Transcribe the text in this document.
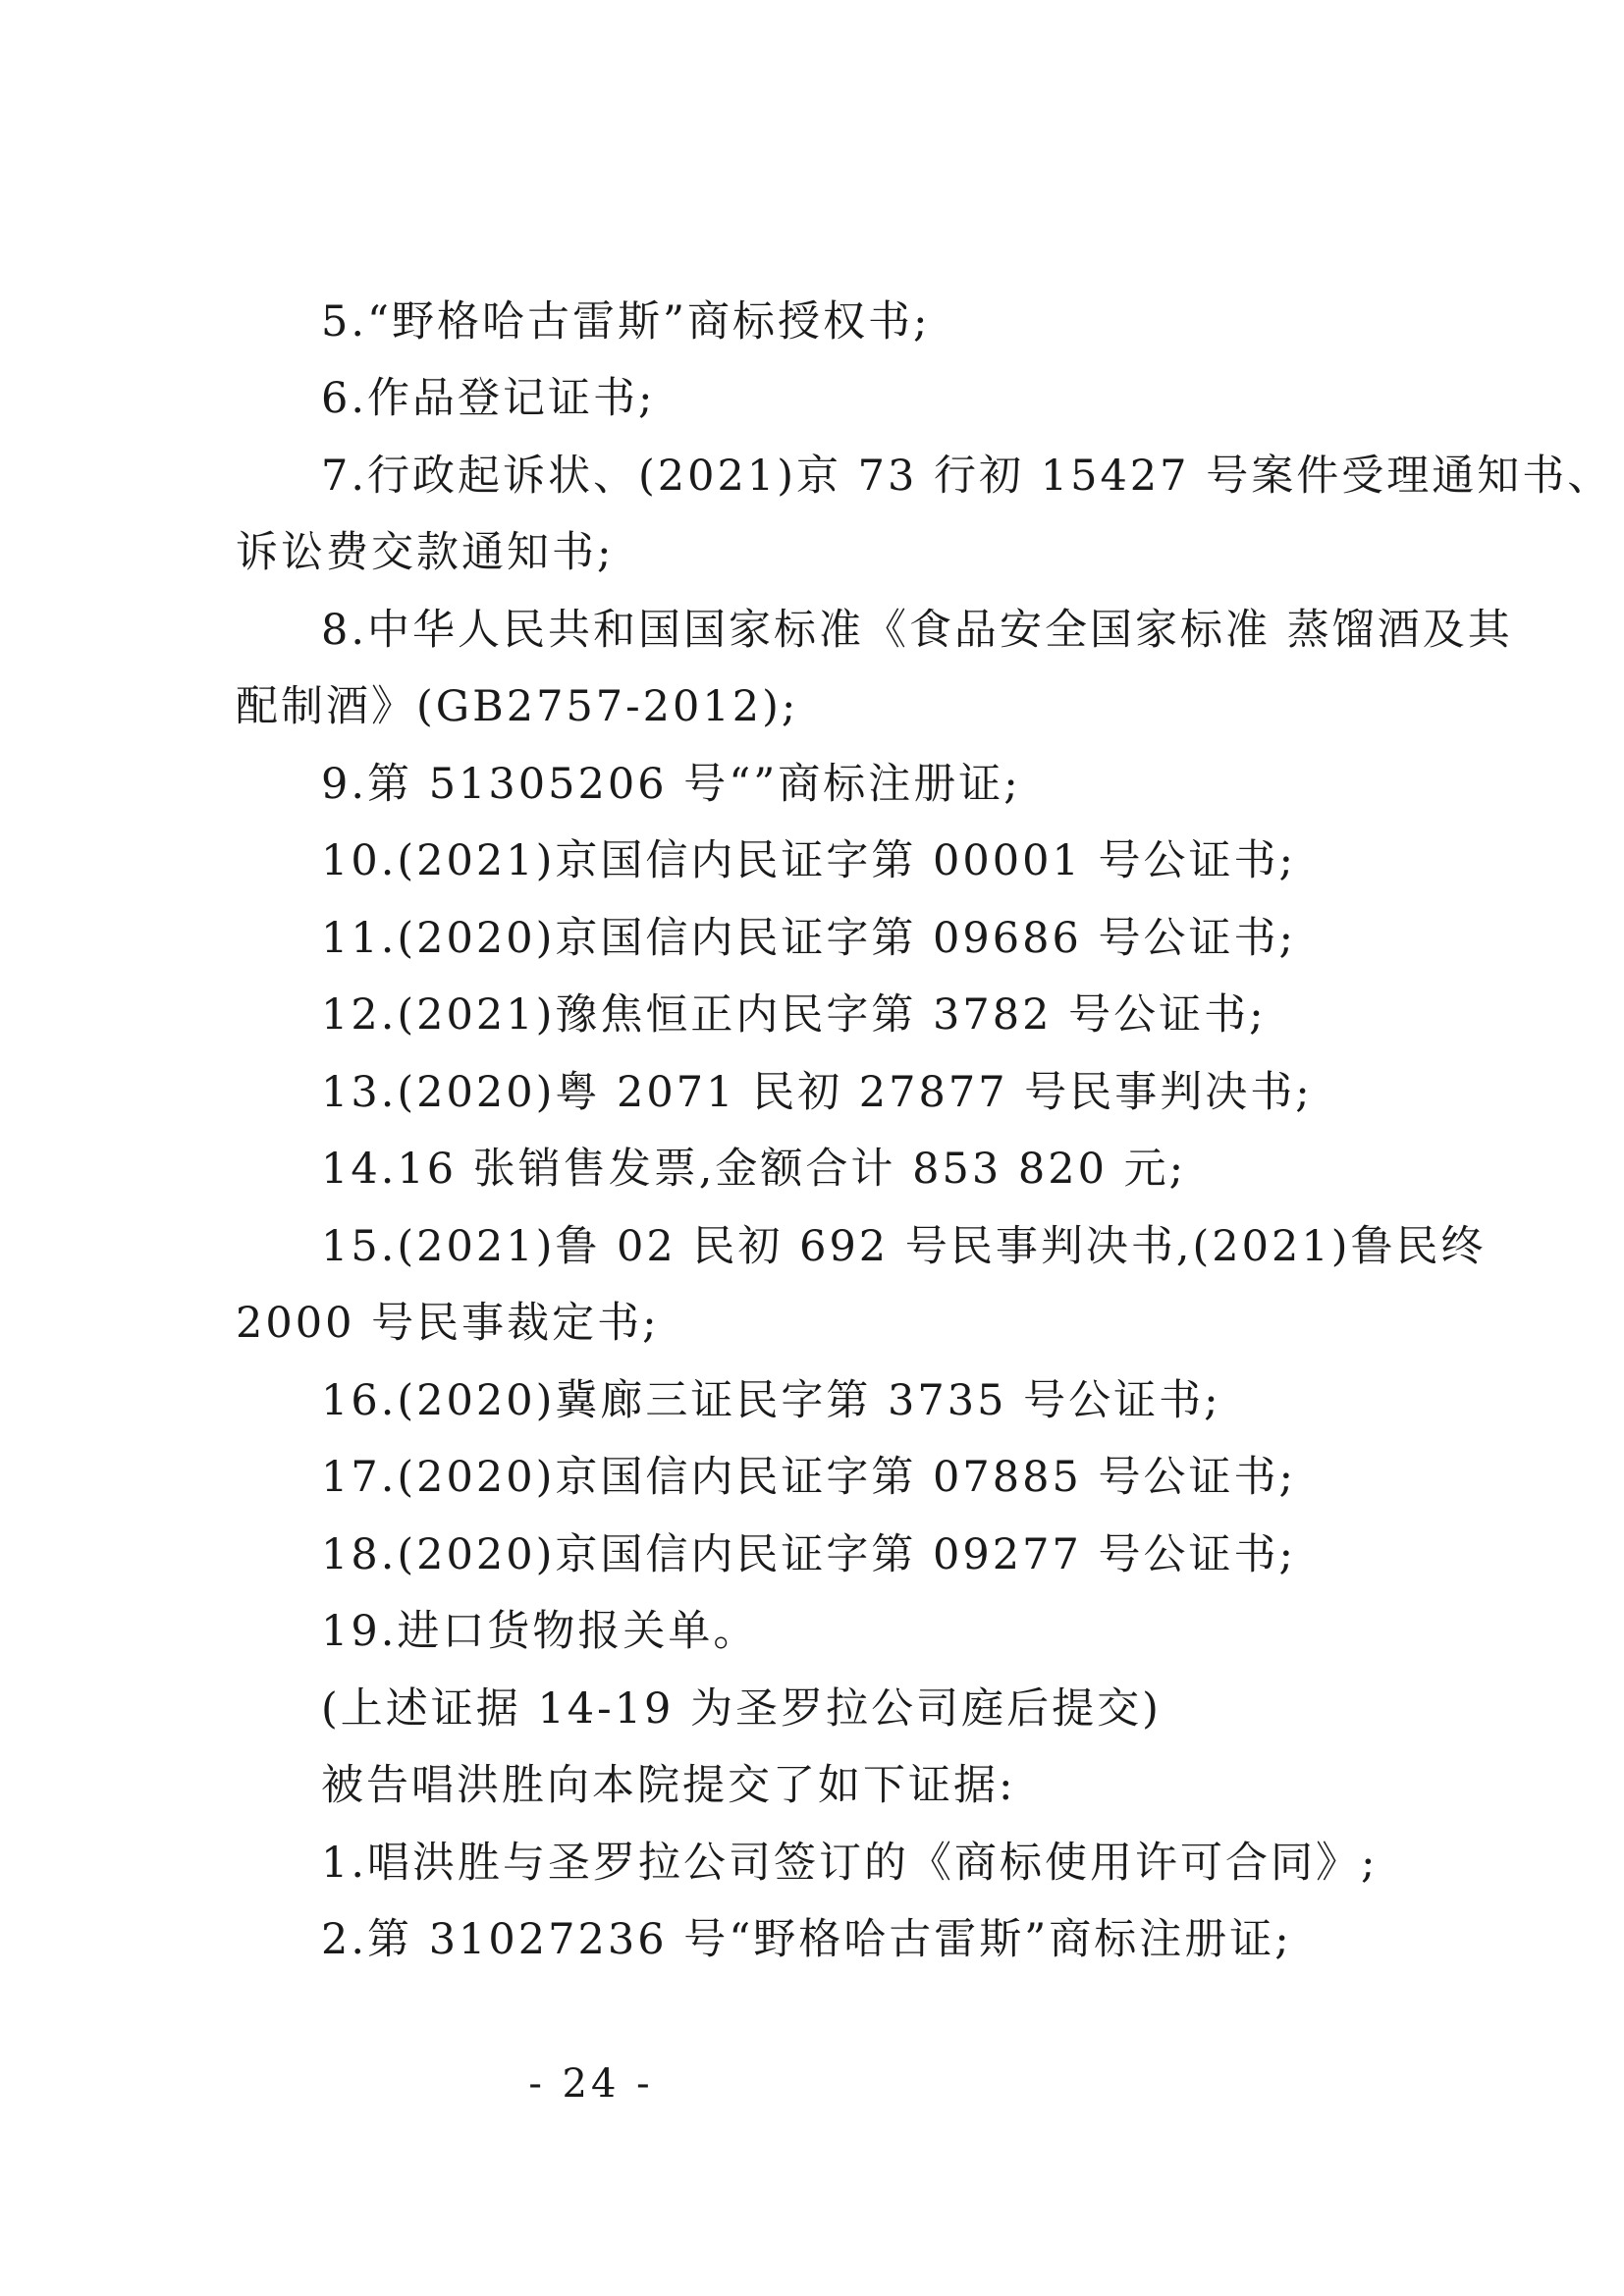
5.“野格哈古雷斯”商标授权书;
6.作品登记证书;
7.行政起诉状、(2021)京 73 行初 15427 号案件受理通知书、
诉讼费交款通知书;
8.中华人民共和国国家标准《食品安全国家标准 蒸馏酒及其
配制酒》(GB2757-2012);
9.第 51305206 号“”商标注册证;
10.(2021)京国信内民证字第 00001 号公证书;
11.(2020)京国信内民证字第 09686 号公证书;
12.(2021)豫焦恒正内民字第 3782 号公证书;
13.(2020)粤 2071 民初 27877 号民事判决书;
14.16 张销售发票,金额合计 853 820 元;
15.(2021)鲁 02 民初 692 号民事判决书,(2021)鲁民终
2000 号民事裁定书;
16.(2020)冀廊三证民字第 3735 号公证书;
17.(2020)京国信内民证字第 07885 号公证书;
18.(2020)京国信内民证字第 09277 号公证书;
19.进口货物报关单。
(上述证据 14-19 为圣罗拉公司庭后提交)
被告唱洪胜向本院提交了如下证据:
1.唱洪胜与圣罗拉公司签订的《商标使用许可合同》;
2.第 31027236 号“野格哈古雷斯”商标注册证;
- 24 -
